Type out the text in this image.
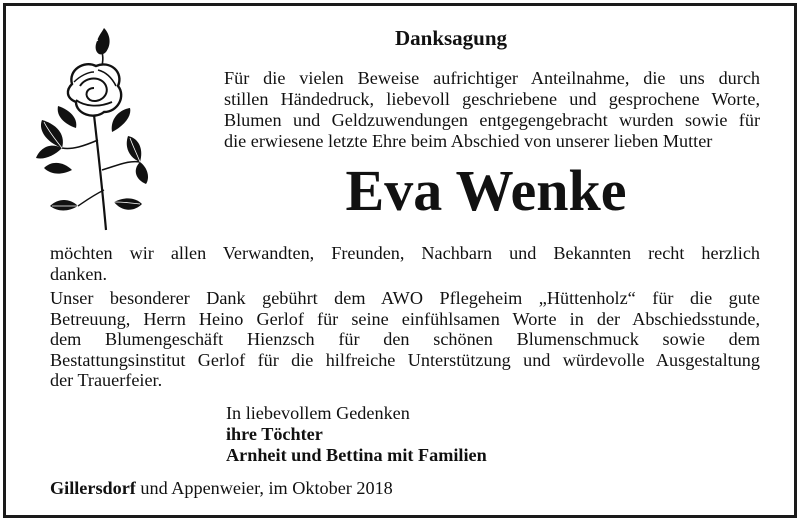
Danksagung
Für die vielen Beweise aufrichtiger Anteilnahme, die uns durch
stillen Händedruck, liebevoll geschriebene und gesprochene Worte,
Blumen und Geldzuwendungen entgegengebracht wurden sowie für
die erwiesene letzte Ehre beim Abschied von unserer lieben Mutter
Eva Wenke
möchten wir allen Verwandten, Freunden, Nachbarn und Bekannten recht herzlich
danken.
Unser besonderer Dank gebührt dem AWO Pflegeheim „Hüttenholz“ für die gute
Betreuung, Herrn Heino Gerlof für seine einfühlsamen Worte in der Abschiedsstunde,
dem Blumengeschäft Hienzsch für den schönen Blumenschmuck sowie dem
Bestattungsinstitut Gerlof für die hilfreiche Unterstützung und würdevolle Ausgestaltung
der Trauerfeier.
In liebevollem Gedenken
ihre Töchter
Arnheit und Bettina mit Familien
Gillersdorf und Appenweier, im Oktober 2018
